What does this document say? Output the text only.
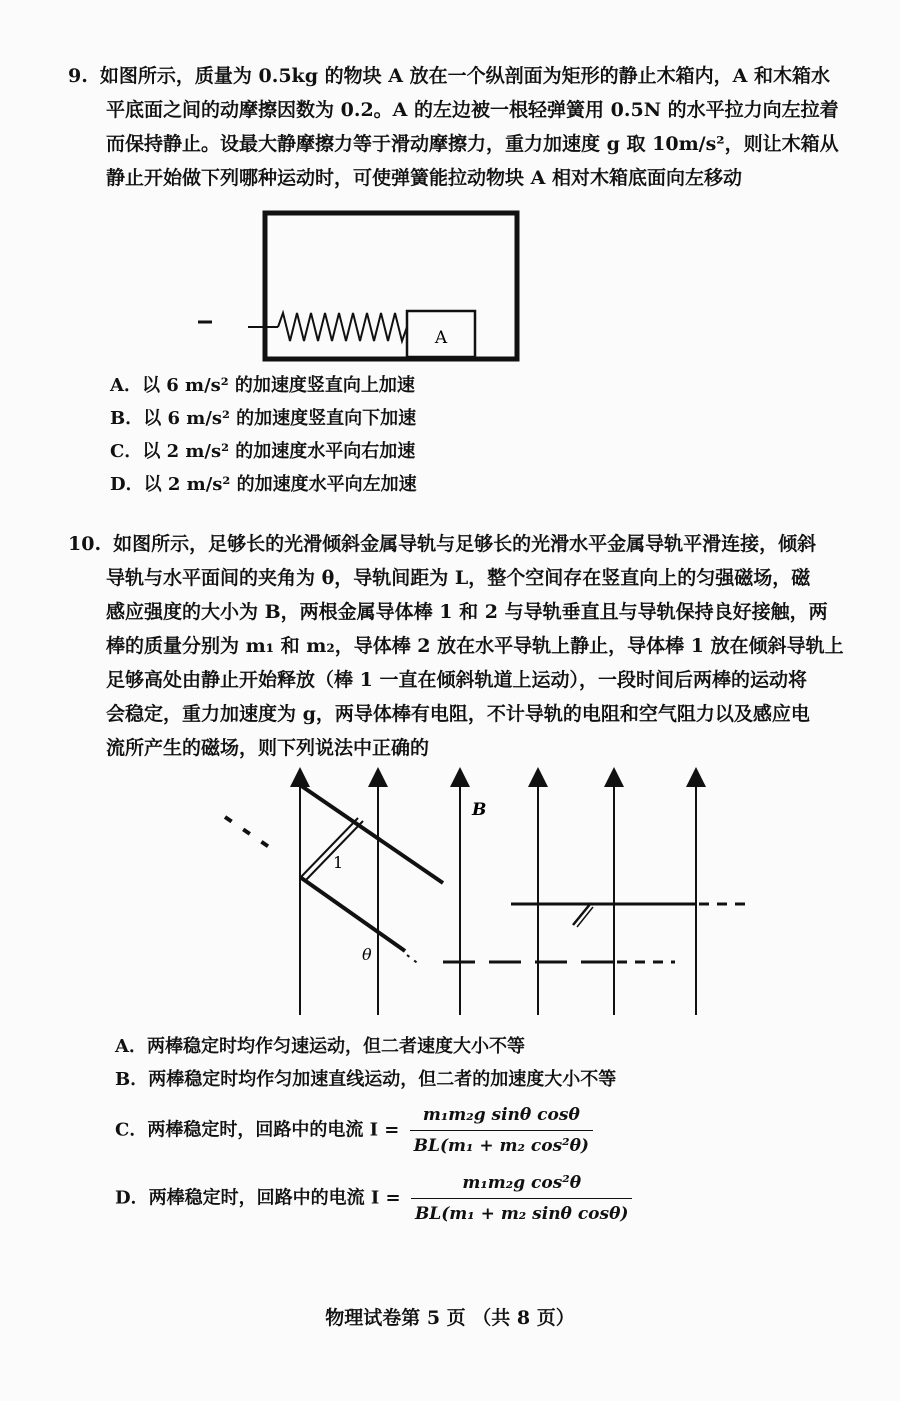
9. 如图所示，质量为 0.5kg 的物块 A 放在一个纵剖面为矩形的静止木箱内，A 和木箱水
平底面之间的动摩擦因数为 0.2。A 的左边被一根轻弹簧用 0.5N 的水平拉力向左拉着
而保持静止。设最大静摩擦力等于滑动摩擦力，重力加速度 g 取 10m/s²，则让木箱从
静止开始做下列哪种运动时，可使弹簧能拉动物块 A 相对木箱底面向左移动
A
A．以 6 m/s² 的加速度竖直向上加速
B．以 6 m/s² 的加速度竖直向下加速
C．以 2 m/s² 的加速度水平向右加速
D．以 2 m/s² 的加速度水平向左加速
10. 如图所示，足够长的光滑倾斜金属导轨与足够长的光滑水平金属导轨平滑连接，倾斜
导轨与水平面间的夹角为 θ，导轨间距为 L，整个空间存在竖直向上的匀强磁场，磁
感应强度的大小为 B，两根金属导体棒 1 和 2 与导轨垂直且与导轨保持良好接触，两
棒的质量分别为 m₁ 和 m₂，导体棒 2 放在水平导轨上静止，导体棒 1 放在倾斜导轨上
足够高处由静止开始释放（棒 1 一直在倾斜轨道上运动），一段时间后两棒的运动将
会稳定，重力加速度为 g，两导体棒有电阻，不计导轨的电阻和空气阻力以及感应电
流所产生的磁场，则下列说法中正确的
1
θ
B
A．两棒稳定时均作匀速运动，但二者速度大小不等
B．两棒稳定时均作匀加速直线运动，但二者的加速度大小不等
C．两棒稳定时，回路中的电流 $I = \frac{\text{m₁m₂g sinθ cosθ}}{\text{BL(m₁ + m₂ cos²θ)}}$
D．两棒稳定时，回路中的电流 $I = \frac{\text{m₁m₂g cos²θ}}{\text{BL(m₁ + m₂ sinθ cosθ)}}$
物理试卷第 5 页 （共 8 页）
